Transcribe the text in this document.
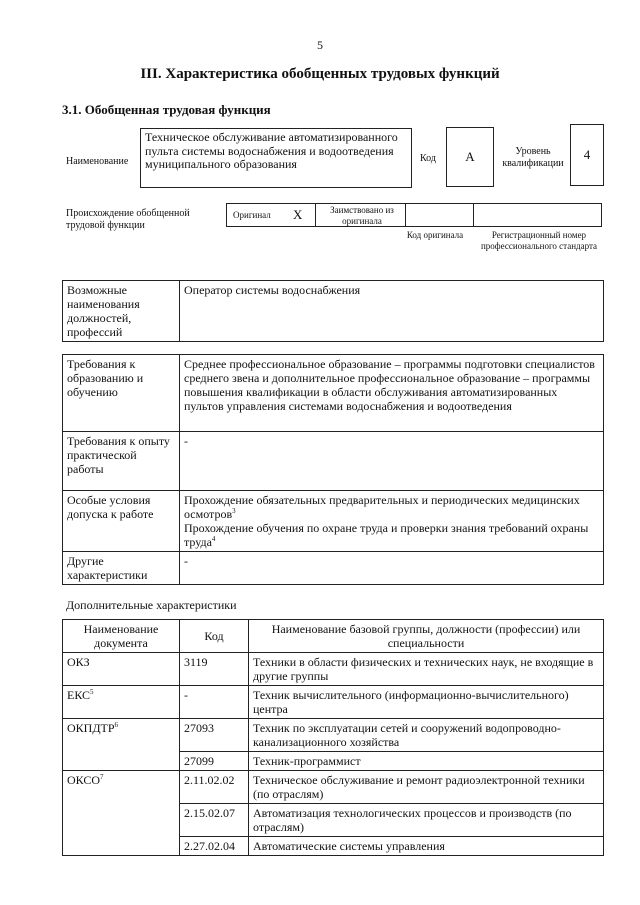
5
III. Характеристика обобщенных трудовых функций
3.1. Обобщенная трудовая функция
Наименование
Техническое обслуживание автоматизированного пульта системы водоснабжения и водоотведения муниципального образования	Код A	Уровень квалификации
4
Происхождение обобщенной трудовой функции
Оригинал X	Заимствовано из оригинала
Код оригинала	Регистрационный номер профессионального стандарта
Возможные наименования должностей, профессий	Оператор системы водоснабжения
Требования к образованию и обучению	Среднее профессиональное образование – программы подготовки специалистов среднего звена и дополнительное профессиональное образование – программы повышения квалификации в области обслуживания автоматизированных пультов управления системами водоснабжения и водоотведения
Требования к опыту практической работы	-
Особые условия допуска к работе	Прохождение обязательных предварительных и периодических медицинских осмотров$^3$
Прохождение обучения по охране труда и проверки знания требований охраны труда$^4$
Другие характеристики	-
Дополнительные характеристики
Наименование документа	Код	Наименование базовой группы, должности (профессии) или специальности
ОКЗ	3119	Техники в области физических и технических наук, не входящие в другие группы
ЕКС$^5$	-	Техник вычислительного (информационно-вычислительного) центра
ОКПДТР$^6$	27093	Техник по эксплуатации сетей и сооружений водопроводно-канализационного хозяйства
	27099	Техник-программист
ОКСО$^7$	2.11.02.02	Техническое обслуживание и ремонт радиоэлектронной техники (по отраслям)
	2.15.02.07	Автоматизация технологических процессов и производств (по отраслям)
	2.27.02.04	Автоматические системы управления
